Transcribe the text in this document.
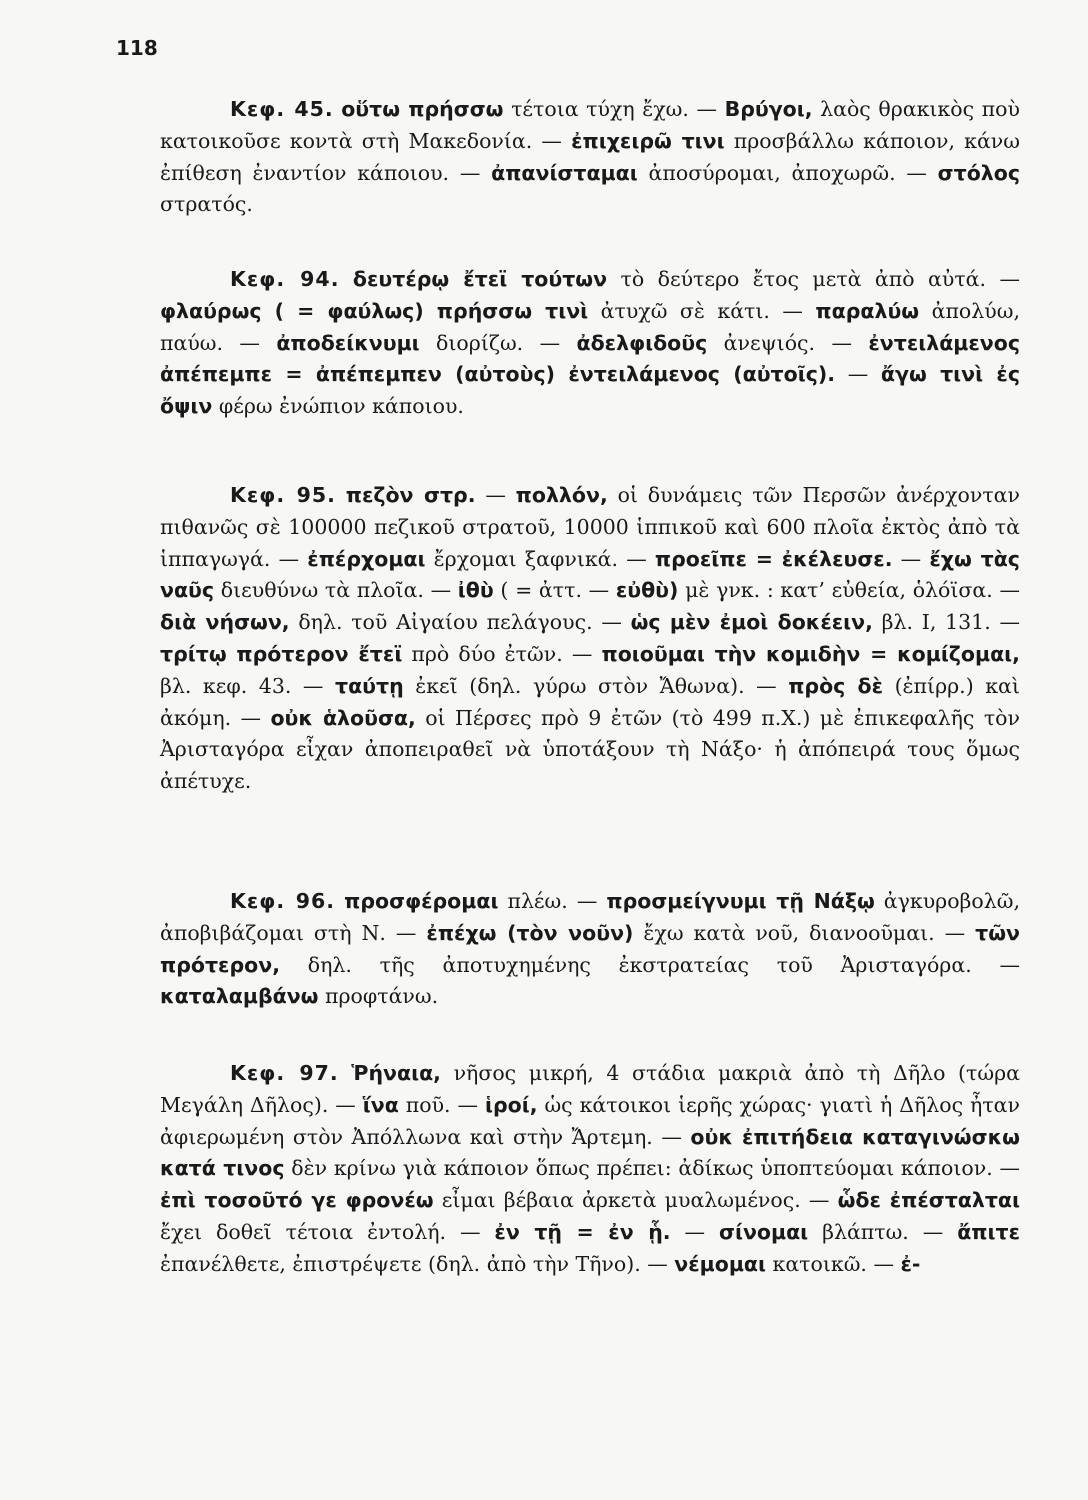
118

Κεφ. 45. οὕτω πρήσσω τέτοια τύχη ἔχω. — Βρύγοι, λαὸς θρακικὸς ποὺ κατοικοῦσε κοντὰ στὴ Μακεδονία. — ἐπιχειρῶ τινι προσβάλλω κάποιον, κάνω ἐπίθεση ἐναντίον κάποιου. — ἀπανίσταμαι ἀποσύρομαι, ἀποχωρῶ. — στόλος στρατός.

Κεφ. 94. δευτέρῳ ἔτεϊ τούτων τὸ δεύτερο ἔτος μετὰ ἀπὸ αὐτά. — φλαύρως ( = φαύλως) πρήσσω τινὶ ἀτυχῶ σὲ κάτι. — παραλύω ἀπολύω, παύω. — ἀποδείκνυμι διορίζω. — ἀδελφιδοῦς ἀνεψιός. — ἐντειλάμενος ἀπέπεμπε = ἀπέπεμπεν (αὐτοὺς) ἐντειλάμενος (αὐτοῖς). — ἄγω τινὶ ἐς ὄψιν φέρω ἐνώπιον κάποιου.

Κεφ. 95. πεζὸν στρ. — πολλόν, οἱ δυνάμεις τῶν Περσῶν ἀνέρχονταν πιθανῶς σὲ 100000 πεζικοῦ στρατοῦ, 10000 ἱππικοῦ καὶ 600 πλοῖα ἐκτὸς ἀπὸ τὰ ἱππαγωγά. — ἐπέρχομαι ἔρχομαι ξαφνικά. — προεῖπε = ἐκέλευσε. — ἔχω τὰς ναῦς διευθύνω τὰ πλοῖα. — ἰθὺ ( = ἀττ. — εὐθὺ) μὲ γνκ. : κατ’ εὐθεία, ὁλόϊσα. — διὰ νήσων, δηλ. τοῦ Αἰγαίου πελάγους. — ὡς μὲν ἐμοὶ δοκέειν, βλ. Ι, 131. — τρίτῳ πρότερον ἔτεϊ πρὸ δύο ἐτῶν. — ποιοῦμαι τὴν κομιδὴν = κομίζομαι, βλ. κεφ. 43. — ταύτῃ ἐκεῖ (δηλ. γύρω στὸν Ἄθωνα). — πρὸς δὲ (ἐπίρρ.) καὶ ἀκόμη. — οὐκ ἁλοῦσα, οἱ Πέρσες πρὸ 9 ἐτῶν (τὸ 499 π.Χ.) μὲ ἐπικεφαλῆς τὸν Ἀρισταγόρα εἶχαν ἀποπειραθεῖ νὰ ὑποτάξουν τὴ Νάξο· ἡ ἀπόπειρά τους ὅμως ἀπέτυχε.

Κεφ. 96. προσφέρομαι πλέω. — προσμείγνυμι τῇ Νάξῳ ἀγκυροβολῶ, ἀποβιβάζομαι στὴ Ν. — ἐπέχω (τὸν νοῦν) ἔχω κατὰ νοῦ, διανοοῦμαι. — τῶν πρότερον, δηλ. τῆς ἀποτυχημένης ἐκστρατείας τοῦ Ἀρισταγόρα. — καταλαμβάνω προφτάνω.

Κεφ. 97. Ῥήναια, νῆσος μικρή, 4 στάδια μακριὰ ἀπὸ τὴ Δῆλο (τώρα Μεγάλη Δῆλος). — ἵνα ποῦ. — ἱροί, ὡς κάτοικοι ἱερῆς χώρας· γιατὶ ἡ Δῆλος ἦταν ἀφιερωμένη στὸν Ἀπόλλωνα καὶ στὴν Ἄρτεμη. — οὐκ ἐπιτήδεια καταγινώσκω κατά τινος δὲν κρίνω γιὰ κάποιον ὅπως πρέπει: ἀδίκως ὑποπτεύομαι κάποιον. — ἐπὶ τοσοῦτό γε φρονέω εἶμαι βέβαια ἀρκετὰ μυαλωμένος. — ὧδε ἐπέσταλται ἔχει δοθεῖ τέτοια ἐντολή. — ἐν τῇ = ἐν ᾗ. — σίνομαι βλάπτω. — ἄπιτε ἐπανέλθετε, ἐπιστρέψετε (δηλ. ἀπὸ τὴν Τῆνο). — νέμομαι κατοικῶ. — ἐ-
